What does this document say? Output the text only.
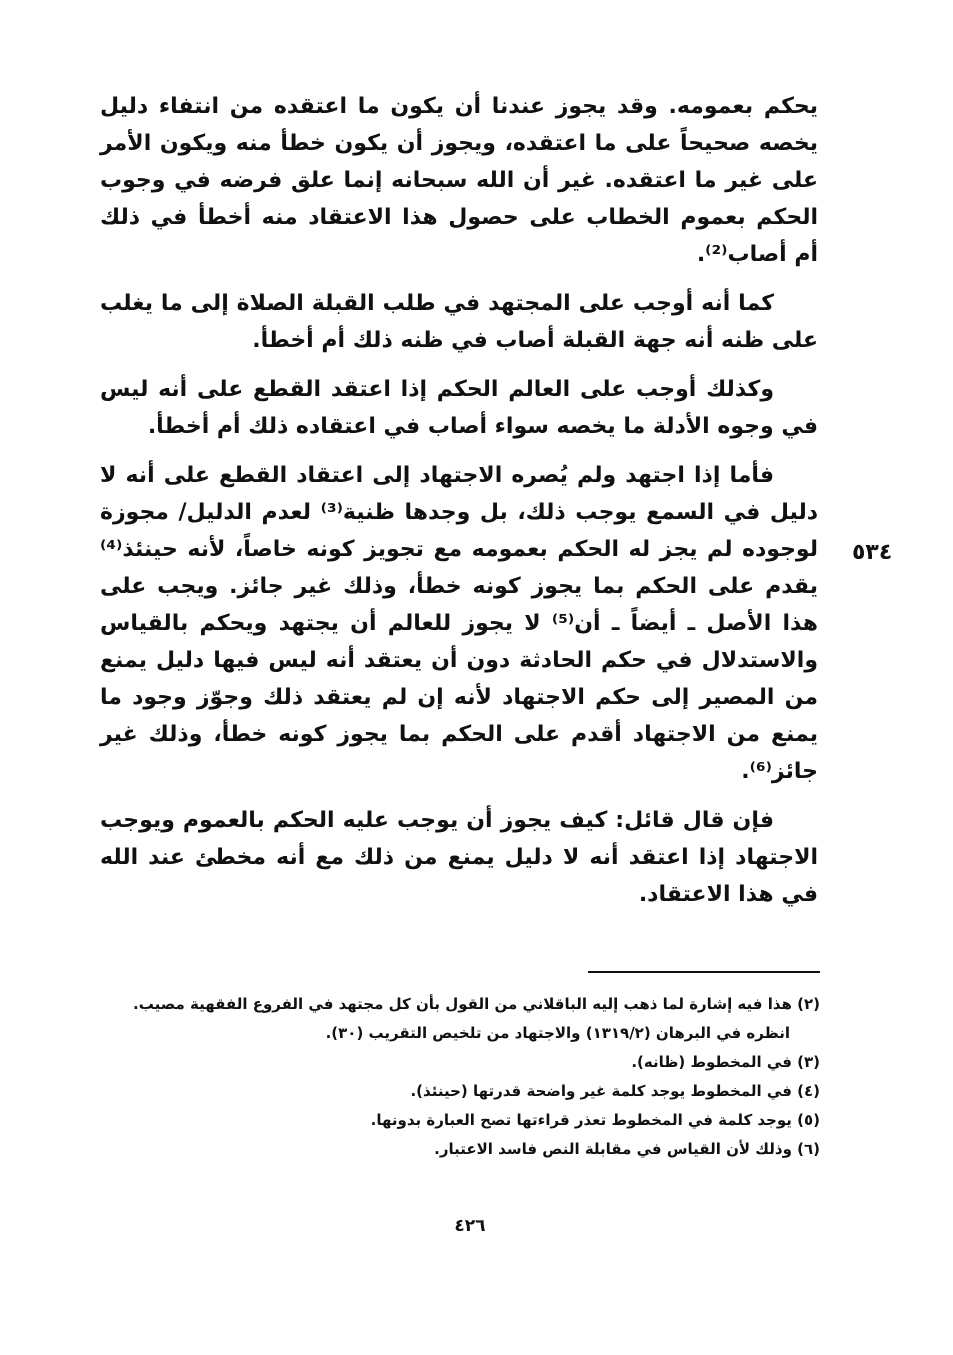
يحكم بعمومه. وقد يجوز عندنا أن يكون ما اعتقده من انتفاء دليل يخصه صحيحاً على ما اعتقده، ويجوز أن يكون خطأ منه ويكون الأمر على غير ما اعتقده. غير أن الله سبحانه إنما علق فرضه في وجوب الحكم بعموم الخطاب على حصول هذا الاعتقاد منه أخطأ في ذلك أم أصاب⁽²⁾.

كما أنه أوجب على المجتهد في طلب القبلة الصلاة إلى ما يغلب على ظنه أنه جهة القبلة أصاب في ظنه ذلك أم أخطأ.

وكذلك أوجب على العالم الحكم إذا اعتقد القطع على أنه ليس في وجوه الأدلة ما يخصه سواء أصاب في اعتقاده ذلك أم أخطأ.

فأما إذا اجتهد ولم يُصره الاجتهاد إلى اعتقاد القطع على أنه لا دليل في السمع يوجب ذلك، بل وجدها ظنية⁽³⁾ لعدم الدليل/ مجوزة لوجوده لم يجز له الحكم بعمومه مع تجويز كونه خاصاً، لأنه حينئذ⁽⁴⁾ يقدم على الحكم بما يجوز كونه خطأ، وذلك غير جائز. ويجب على هذا الأصل ـ أيضاً ـ أن⁽⁵⁾ لا يجوز للعالم أن يجتهد ويحكم بالقياس والاستدلال في حكم الحادثة دون أن يعتقد أنه ليس فيها دليل يمنع من المصير إلى حكم الاجتهاد لأنه إن لم يعتقد ذلك وجوّز وجود ما يمنع من الاجتهاد أقدم على الحكم بما يجوز كونه خطأ، وذلك غير جائز⁽⁶⁾.

فإن قال قائل: كيف يجوز أن يوجب عليه الحكم بالعموم ويوجب الاجتهاد إذا اعتقد أنه لا دليل يمنع من ذلك مع أنه مخطئ عند الله في هذا الاعتقاد.

٥٣٤

(٢) هذا فيه إشارة لما ذهب إليه الباقلاني من القول بأن كل مجتهد في الفروع الفقهية مصيب. انظره في البرهان (١٣١٩/٢) والاجتهاد من تلخيص التقريب (٣٠).

(٣) في المخطوط (ظانه).

(٤) في المخطوط يوجد كلمة غير واضحة قدرتها (حينئذ).

(٥) يوجد كلمة في المخطوط تعذر قراءتها تصح العبارة بدونها.

(٦) وذلك لأن القياس في مقابلة النص فاسد الاعتبار.

٤٢٦
